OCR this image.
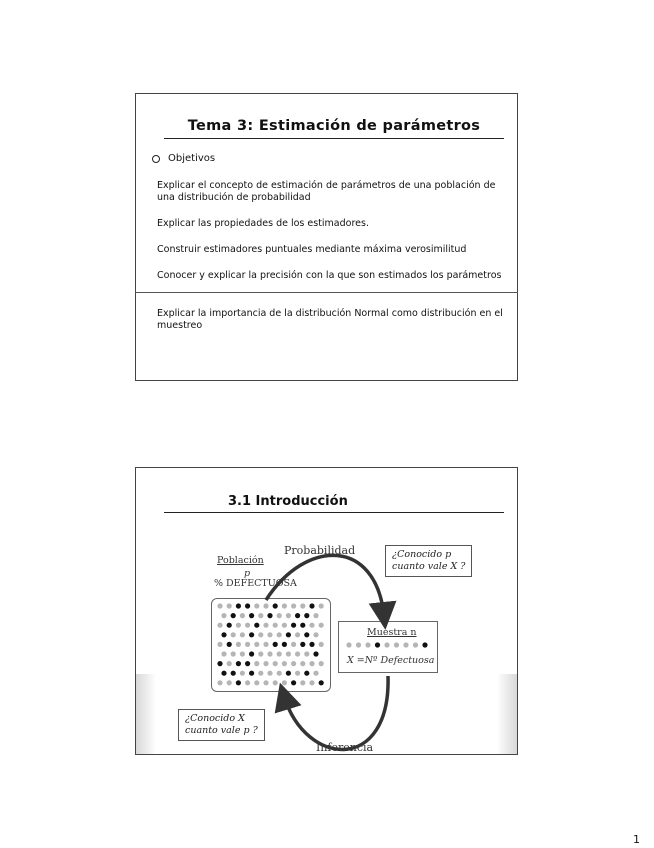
Tema 3: Estimación de parámetros
Objetivos
Explicar el concepto de estimación de parámetros de una población de una distribución de probabilidad
Explicar las propiedades de los estimadores.
Construir estimadores puntuales mediante máxima verosimilitud
Conocer y explicar la precisión con la que son estimados los parámetros
Explicar la importancia de la distribución Normal como distribución en el muestreo
3.1 Introducción
Población
p
% DEFECTUOSA
Probabilidad
Inferencia
¿Conocido p
cuanto vale X ?
¿Conocido X
cuanto vale p ?
Muestra n
X =Nº Defectuosa
1
